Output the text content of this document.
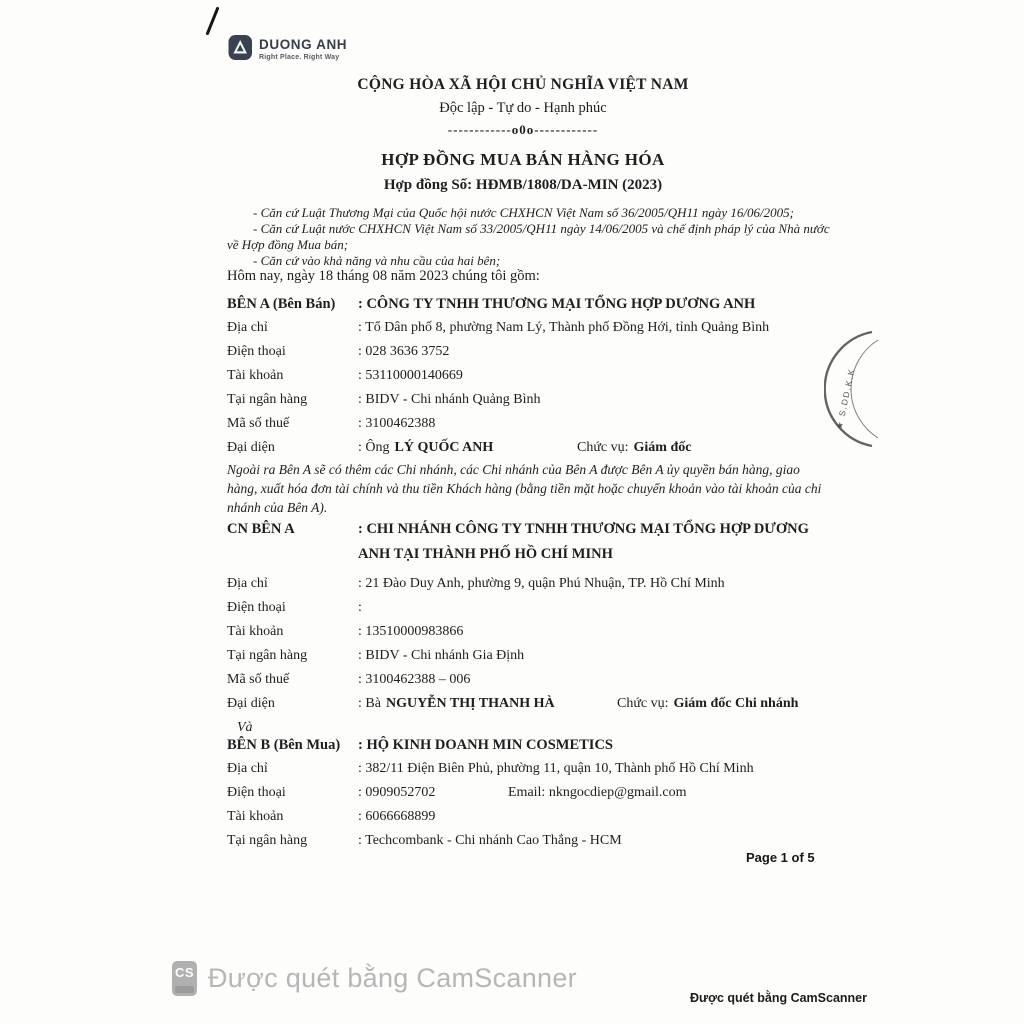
DUONG ANH
Right Place. Right Way
CỘNG HÒA XÃ HỘI CHỦ NGHĨA VIỆT NAM
Độc lập - Tự do - Hạnh phúc
------------o0o------------
HỢP ĐỒNG MUA BÁN HÀNG HÓA
Hợp đồng Số: HĐMB/1808/DA-MIN (2023)

- Căn cứ Luật Thương Mại của Quốc hội nước CHXHCN Việt Nam số 36/2005/QH11 ngày 16/06/2005;

- Căn cứ Luật nước CHXHCN Việt Nam số 33/2005/QH11 ngày 14/06/2005 và chế định pháp lý của Nhà nước về Hợp đồng Mua bán;

- Căn cứ vào khả năng và nhu cầu của hai bên;

Hôm nay, ngày 18 tháng 08 năm 2023 chúng tôi gồm:
BÊN A (Bên Bán) : CÔNG TY TNHH THƯƠNG MẠI TỔNG HỢP DƯƠNG ANH
Địa chỉ	: Tổ Dân phố 8, phường Nam Lý, Thành phố Đồng Hới, tỉnh Quảng Bình
Điện thoại	: 028 3636 3752
Tài khoản	: 53110000140669
Tại ngân hàng	: BIDV - Chi nhánh Quảng Bình
Mã số thuế	: 3100462388
Đại diện	: Ông LÝ QUỐC ANH	Chức vụ: Giám đốc
Ngoài ra Bên A sẽ có thêm các Chi nhánh, các Chi nhánh của Bên A được Bên A ủy quyền bán hàng, giao hàng, xuất hóa đơn tài chính và thu tiền Khách hàng (bằng tiền mặt hoặc chuyển khoản vào tài khoản của chi nhánh của Bên A).
CN BÊN A	: CHI NHÁNH CÔNG TY TNHH THƯƠNG MẠI TỔNG HỢP DƯƠNG
ANH TẠI THÀNH PHỐ HỒ CHÍ MINH
Địa chỉ	: 21 Đào Duy Anh, phường 9, quận Phú Nhuận, TP. Hồ Chí Minh
Điện thoại	:
Tài khoản	: 13510000983866
Tại ngân hàng	: BIDV - Chi nhánh Gia Định
Mã số thuế	: 3100462388 – 006
Đại diện	: Bà NGUYỄN THỊ THANH HÀ	Chức vụ: Giám đốc Chi nhánh
Và
BÊN B (Bên Mua) : HỘ KINH DOANH MIN COSMETICS
Địa chỉ	: 382/11 Điện Biên Phủ, phường 11, quận 10, Thành phố Hồ Chí Minh
Điện thoại	: 0909052702	Email: nkngocdiep@gmail.com
Tài khoản	: 6066668899
Tại ngân hàng	: Techcombank - Chi nhánh Cao Thắng - HCM
★ S.DD.K.K
Page 1 of 5
CS Được quét bằng CamScanner
Được quét bằng CamScanner
